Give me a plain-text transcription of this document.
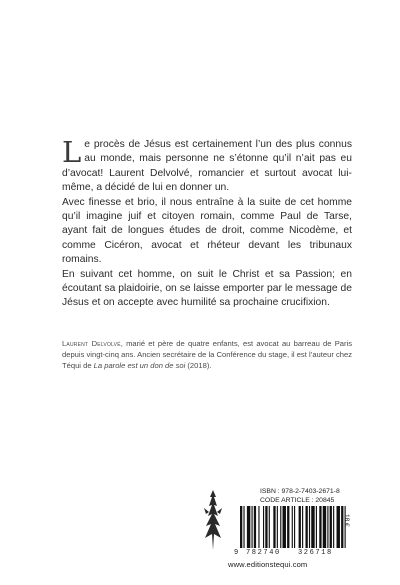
Le procès de Jésus est certainement l’un des plus connus au monde, mais personne ne s’étonne qu’il n’ait pas eu d’avocat! Laurent Delvolvé, romancier et surtout avocat lui-même, a décidé de lui en donner un.

Avec finesse et brio, il nous entraîne à la suite de cet homme qu’il imagine juif et citoyen romain, comme Paul de Tarse, ayant fait de longues études de droit, comme Nicodème, et comme Cicéron, avocat et rhéteur devant les tribunaux romains.

En suivant cet homme, on suit le Christ et sa Passion; en écoutant sa plaidoirie, on se laisse emporter par le message de Jésus et on accepte avec humilité sa prochaine crucifixion.

Laurent Delvolvé, marié et père de quatre enfants, est avocat au barreau de Paris depuis vingt-cinq ans. Ancien secrétaire de la Conférence du stage, il est l’auteur chez Téqui de La parole est un don de soi (2018).
ISBN : 978-2-7403-2671-8
CODE ARTICLE : 20845
9 782740 326718
18 €
www.editionstequi.com
